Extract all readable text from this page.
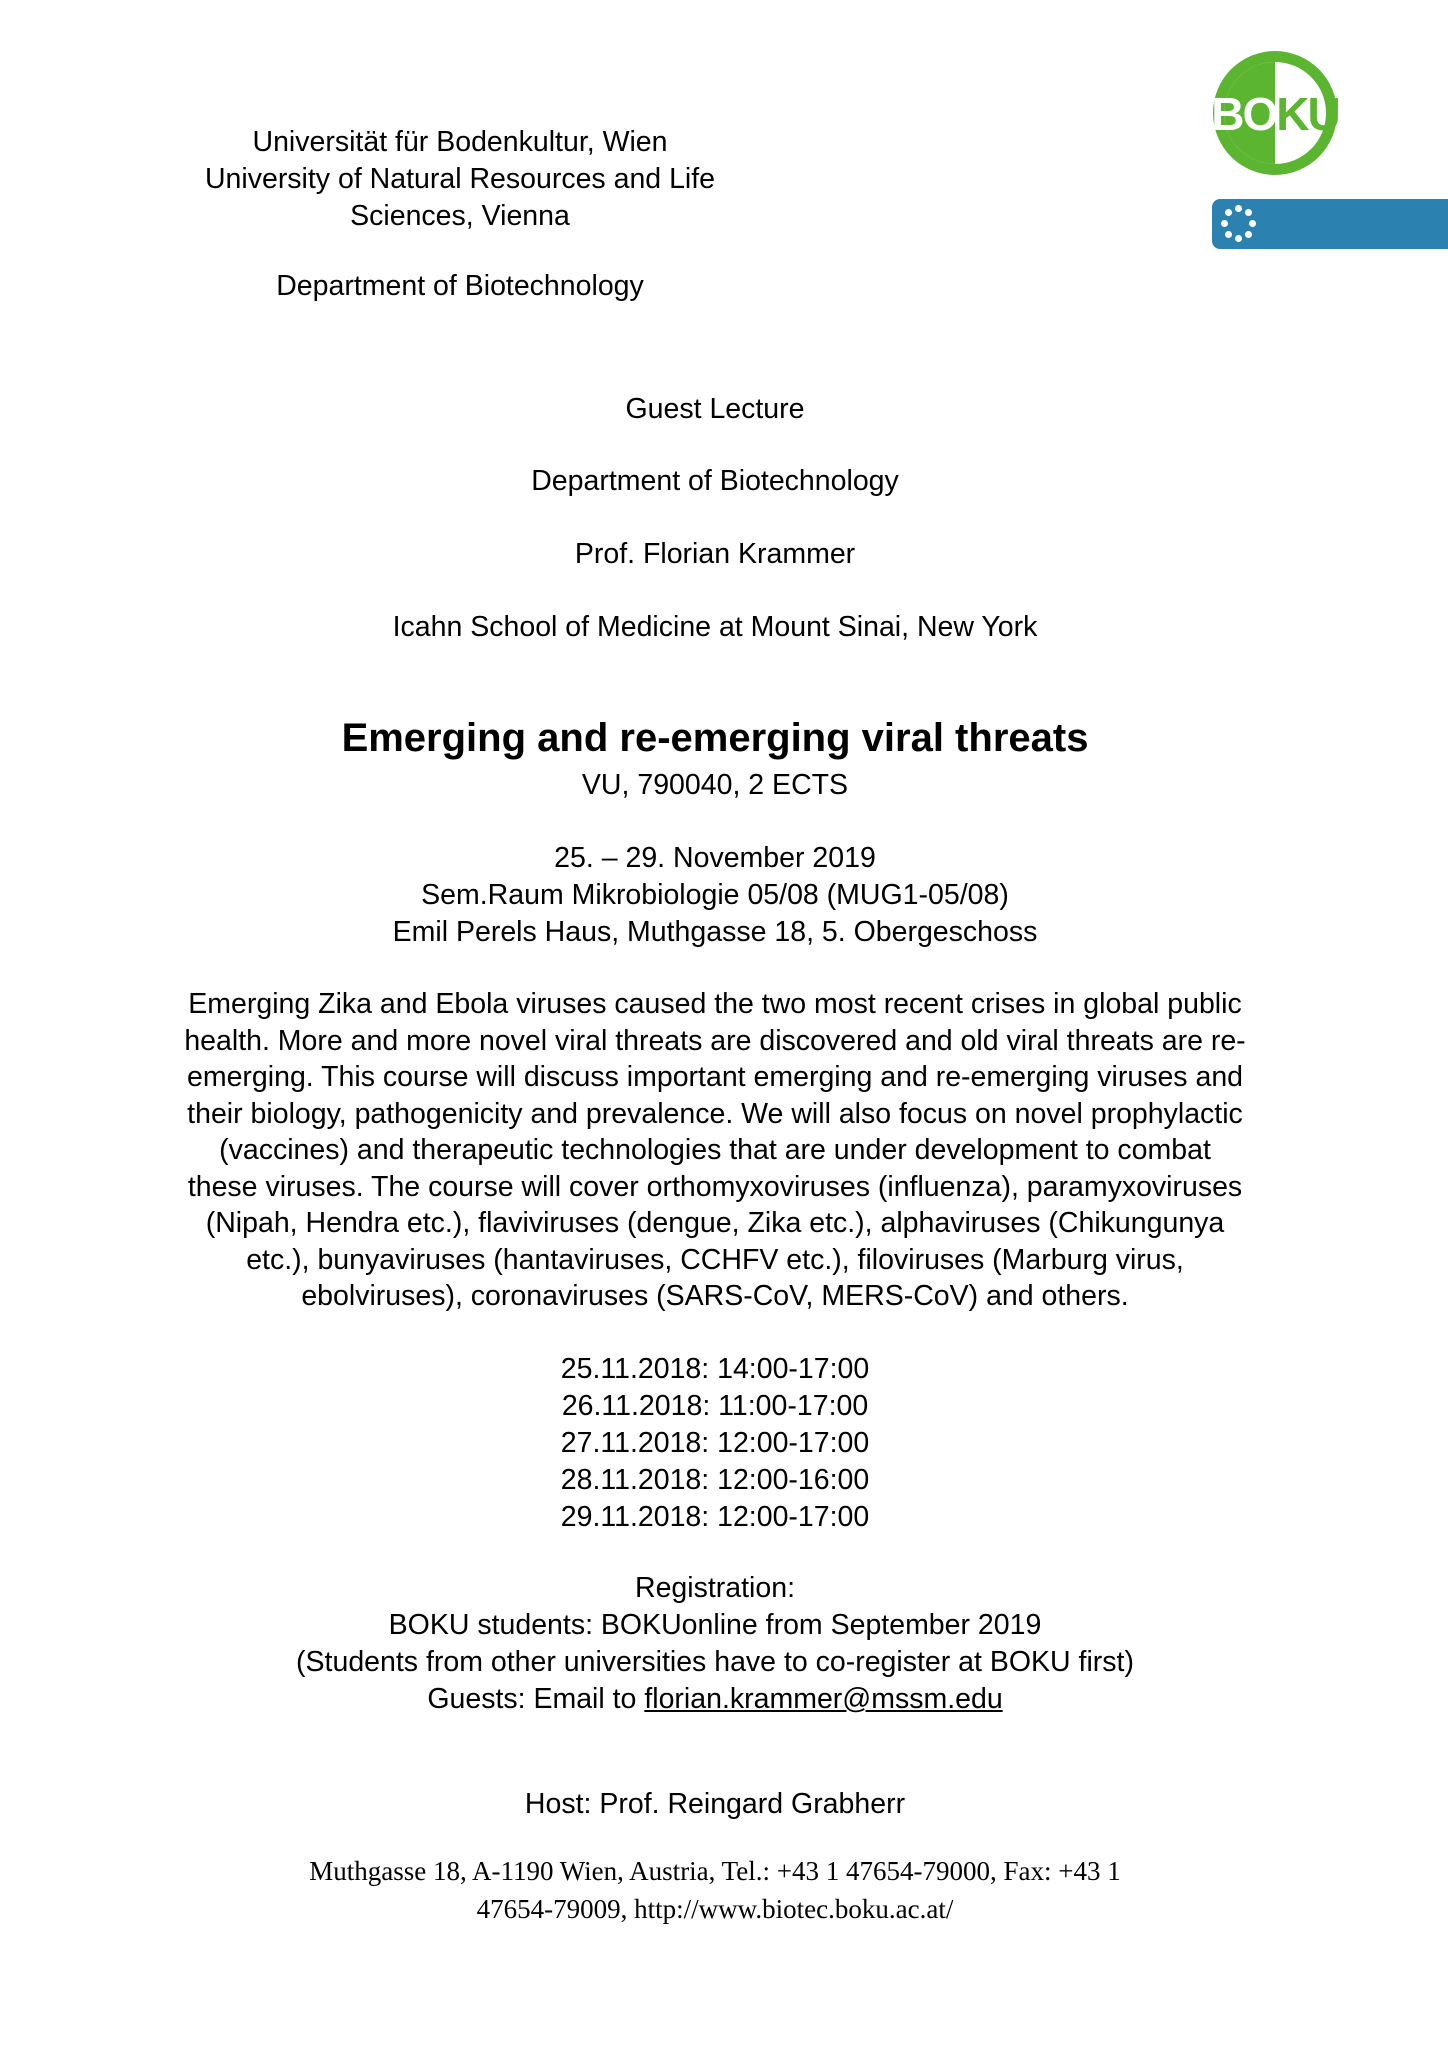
Universität für Bodenkultur, Wien
University of Natural Resources and Life
Sciences, Vienna
Department of Biotechnology
BOKU
Guest Lecture
Department of Biotechnology
Prof. Florian Krammer
Icahn School of Medicine at Mount Sinai, New York
Emerging and re-emerging viral threats
VU, 790040, 2 ECTS
25. – 29. November 2019
Sem.Raum Mikrobiologie 05/08 (MUG1-05/08)
Emil Perels Haus, Muthgasse 18, 5. Obergeschoss
Emerging Zika and Ebola viruses caused the two most recent crises in global public
health. More and more novel viral threats are discovered and old viral threats are re-
emerging. This course will discuss important emerging and re-emerging viruses and
their biology, pathogenicity and prevalence. We will also focus on novel prophylactic
(vaccines) and therapeutic technologies that are under development to combat
these viruses. The course will cover orthomyxoviruses (influenza), paramyxoviruses
(Nipah, Hendra etc.), flaviviruses (dengue, Zika etc.), alphaviruses (Chikungunya
etc.), bunyaviruses (hantaviruses, CCHFV etc.), filoviruses (Marburg virus,
ebolviruses), coronaviruses (SARS-CoV, MERS-CoV) and others.
25.11.2018: 14:00-17:00
26.11.2018: 11:00-17:00
27.11.2018: 12:00-17:00
28.11.2018: 12:00-16:00
29.11.2018: 12:00-17:00
Registration:
BOKU students: BOKUonline from September 2019
(Students from other universities have to co-register at BOKU first)
Guests: Email to florian.krammer@mssm.edu
Host: Prof. Reingard Grabherr
Muthgasse 18, A-1190 Wien, Austria, Tel.: +43 1 47654-79000, Fax: +43 1
47654-79009, http://www.biotec.boku.ac.at/
